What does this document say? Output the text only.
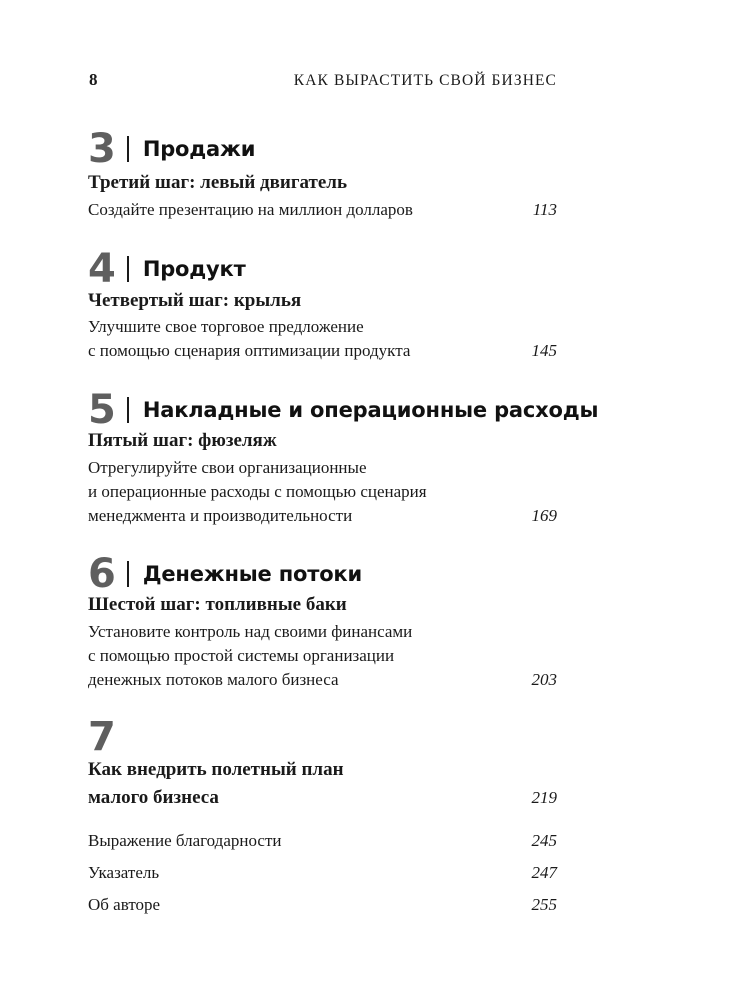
8	КАК ВЫРАСТИТЬ СВОЙ БИЗНЕС
3 Продажи
Третий шаг: левый двигатель
Создайте презентацию на миллион долларов	113
4 Продукт
Четвертый шаг: крылья
Улучшите свое торговое предложение
с помощью сценария оптимизации продукта	145
5 Накладные и операционные расходы
Пятый шаг: фюзеляж
Отрегулируйте свои организационные
и операционные расходы с помощью сценария
менеджмента и производительности	169
6 Денежные потоки
Шестой шаг: топливные баки
Установите контроль над своими финансами
с помощью простой системы организации
денежных потоков малого бизнеса	203
7
Как внедрить полетный план
малого бизнеса	219
Выражение благодарности	245
Указатель	247
Об авторе	255
